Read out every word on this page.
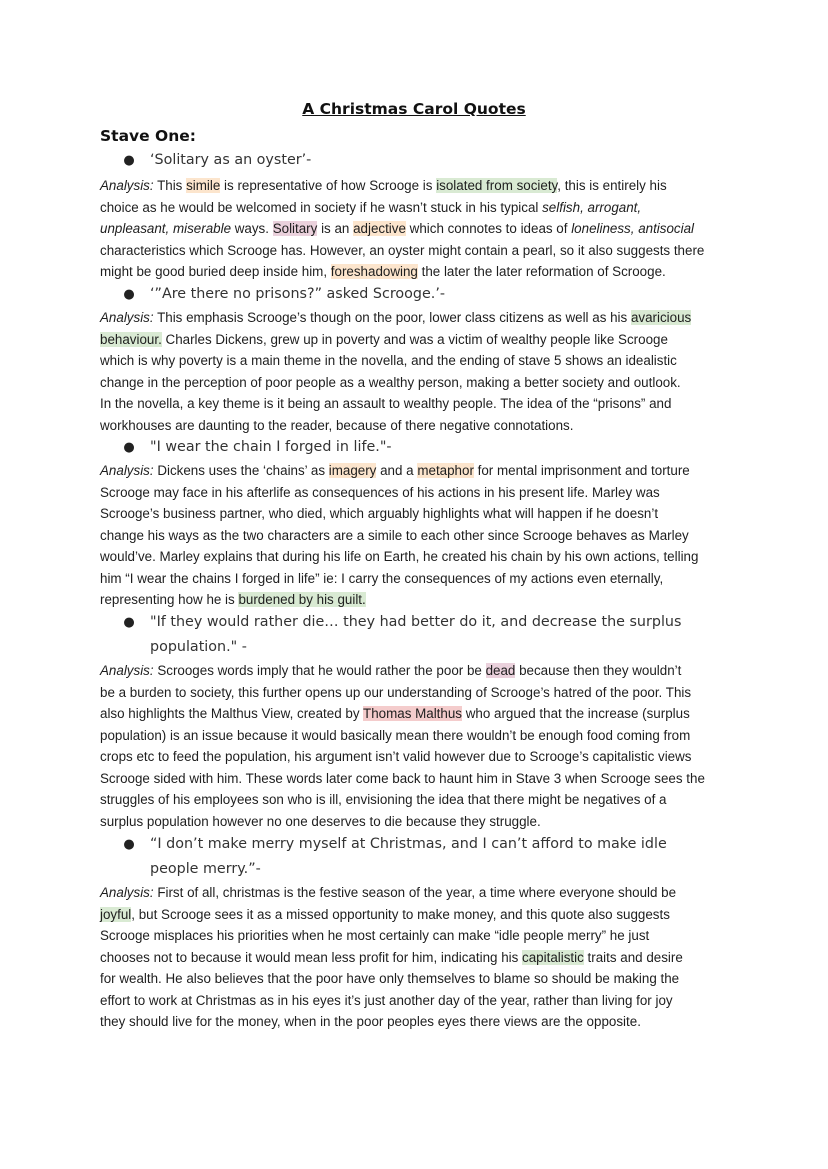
A Christmas Carol Quotes
Stave One:
● ‘Solitary as an oyster’-
Analysis: This simile is representative of how Scrooge is isolated from society, this is entirely his
choice as he would be welcomed in society if he wasn’t stuck in his typical selfish, arrogant,
unpleasant, miserable ways. Solitary is an adjective which connotes to ideas of loneliness, antisocial
characteristics which Scrooge has. However, an oyster might contain a pearl, so it also suggests there
might be good buried deep inside him, foreshadowing the later the later reformation of Scrooge.
● ‘”Are there no prisons?” asked Scrooge.’-
Analysis: This emphasis Scrooge’s though on the poor, lower class citizens as well as his avaricious
behaviour. Charles Dickens, grew up in poverty and was a victim of wealthy people like Scrooge
which is why poverty is a main theme in the novella, and the ending of stave 5 shows an idealistic
change in the perception of poor people as a wealthy person, making a better society and outlook.
In the novella, a key theme is it being an assault to wealthy people. The idea of the “prisons” and
workhouses are daunting to the reader, because of there negative connotations.
● "I wear the chain I forged in life."-
Analysis: Dickens uses the ‘chains’ as imagery and a metaphor for mental imprisonment and torture
Scrooge may face in his afterlife as consequences of his actions in his present life. Marley was
Scrooge’s business partner, who died, which arguably highlights what will happen if he doesn’t
change his ways as the two characters are a simile to each other since Scrooge behaves as Marley
would’ve. Marley explains that during his life on Earth, he created his chain by his own actions, telling
him “I wear the chains I forged in life” ie: I carry the consequences of my actions even eternally,
representing how he is burdened by his guilt.
● "If they would rather die… they had better do it, and decrease the surplus
population." -
Analysis: Scrooges words imply that he would rather the poor be dead because then they wouldn’t
be a burden to society, this further opens up our understanding of Scrooge’s hatred of the poor. This
also highlights the Malthus View, created by Thomas Malthus who argued that the increase (surplus
population) is an issue because it would basically mean there wouldn’t be enough food coming from
crops etc to feed the population, his argument isn’t valid however due to Scrooge’s capitalistic views
Scrooge sided with him. These words later come back to haunt him in Stave 3 when Scrooge sees the
struggles of his employees son who is ill, envisioning the idea that there might be negatives of a
surplus population however no one deserves to die because they struggle.
● “I don’t make merry myself at Christmas, and I can’t afford to make idle
people merry.”-
Analysis: First of all, christmas is the festive season of the year, a time where everyone should be
joyful, but Scrooge sees it as a missed opportunity to make money, and this quote also suggests
Scrooge misplaces his priorities when he most certainly can make “idle people merry” he just
chooses not to because it would mean less profit for him, indicating his capitalistic traits and desire
for wealth. He also believes that the poor have only themselves to blame so should be making the
effort to work at Christmas as in his eyes it’s just another day of the year, rather than living for joy
they should live for the money, when in the poor peoples eyes there views are the opposite.
